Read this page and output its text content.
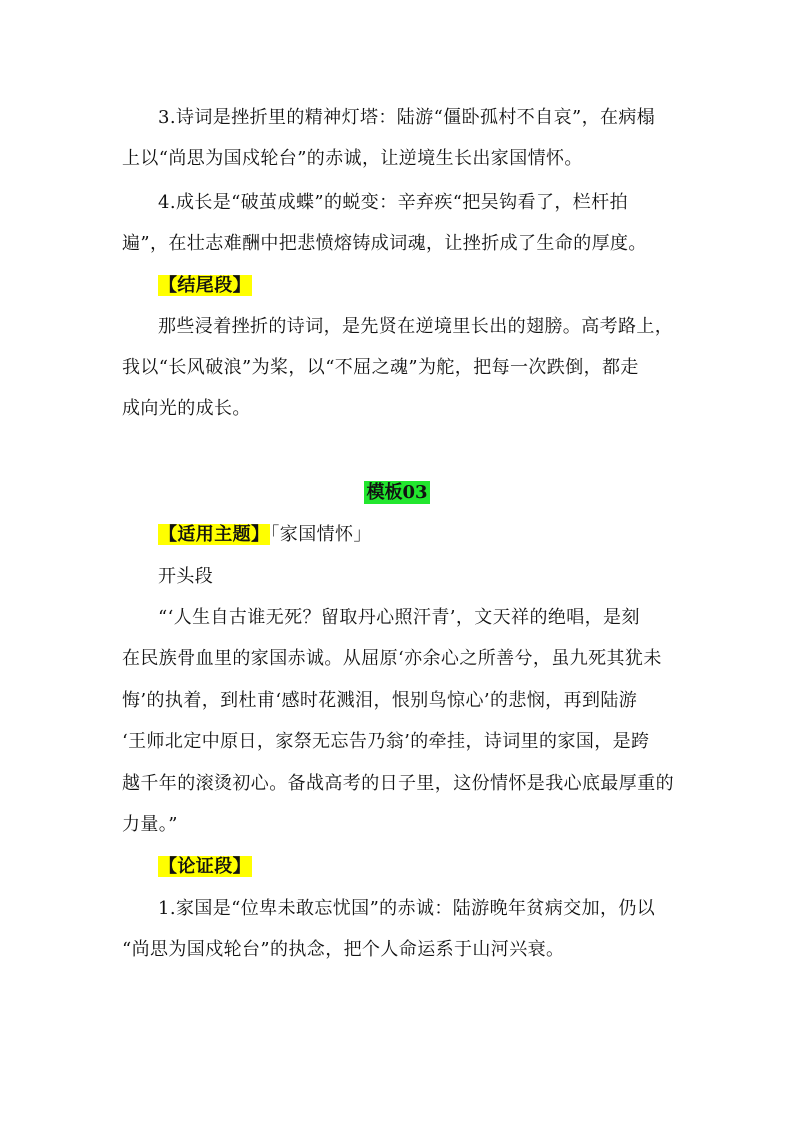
3.诗词是挫折里的精神灯塔：陆游“僵卧孤村不自哀”，在病榻
上以“尚思为国戍轮台”的赤诚，让逆境生长出家国情怀。
4.成长是“破茧成蝶”的蜕变：辛弃疾“把吴钩看了，栏杆拍
遍”，在壮志难酬中把悲愤熔铸成词魂，让挫折成了生命的厚度。
【结尾段】
那些浸着挫折的诗词，是先贤在逆境里长出的翅膀。高考路上，
我以“长风破浪”为桨，以“不屈之魂”为舵，把每一次跌倒，都走
成向光的成长。
模板03
【适用主题】「家国情怀」
开头段
“‘人生自古谁无死？留取丹心照汗青’，文天祥的绝唱，是刻
在民族骨血里的家国赤诚。从屈原‘亦余心之所善兮，虽九死其犹未
悔’的执着，到杜甫‘感时花溅泪，恨别鸟惊心’的悲悯，再到陆游
‘王师北定中原日，家祭无忘告乃翁’的牵挂，诗词里的家国，是跨
越千年的滚烫初心。备战高考的日子里，这份情怀是我心底最厚重的
力量。”
【论证段】
1.家国是“位卑未敢忘忧国”的赤诚：陆游晚年贫病交加，仍以
“尚思为国戍轮台”的执念，把个人命运系于山河兴衰。
